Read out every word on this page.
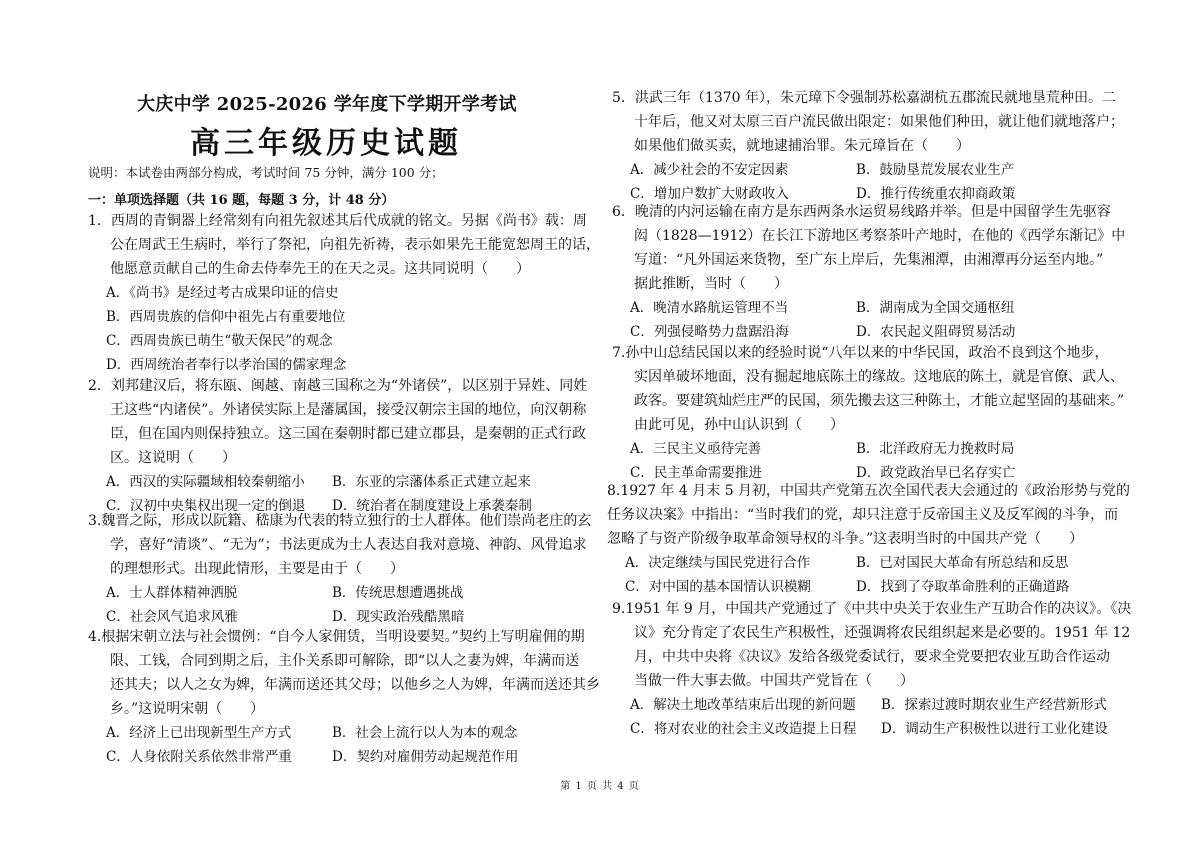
大庆中学 2025-2026 学年度下学期开学考试
高三年级历史试题
说明：本试卷由两部分构成，考试时间 75 分钟，满分 100 分；
一：单项选择题（共 16 题，每题 3 分，计 48 分）
1．西周的青铜器上经常刻有向祖先叙述其后代成就的铭文。另据《尚书》载：周
公在周武王生病时，举行了祭祀，向祖先祈祷，表示如果先王能宽恕周王的话，
他愿意贡献自己的生命去侍奉先王的在天之灵。这共同说明（　　）
A．《尚书》是经过考古成果印证的信史
B．西周贵族的信仰中祖先占有重要地位
C．西周贵族已萌生“敬天保民”的观念
D．西周统治者奉行以孝治国的儒家理念
2．刘邦建汉后，将东瓯、闽越、南越三国称之为“外诸侯”，以区别于异姓、同姓
王这些“内诸侯”。外诸侯实际上是藩属国，接受汉朝宗主国的地位，向汉朝称
臣，但在国内则保持独立。这三国在秦朝时都已建立郡县，是秦朝的正式行政
区。这说明（　　）
A．西汉的实际疆域相较秦朝缩小	B．东亚的宗藩体系正式建立起来
C．汉初中央集权出现一定的倒退	D．统治者在制度建设上承袭秦制
3.魏晋之际，形成以阮籍、嵇康为代表的特立独行的士人群体。他们崇尚老庄的玄
学，喜好“清谈”、“无为”；书法更成为士人表达自我对意境、神韵、风骨追求
的理想形式。出现此情形，主要是由于（　　）
A．士人群体精神洒脱	B．传统思想遭遇挑战
C．社会风气追求风雅	D．现实政治残酷黑暗
4.根据宋朝立法与社会惯例：“自今人家佣赁，当明设要契。”契约上写明雇佣的期
限、工钱，合同到期之后，主仆关系即可解除，即“以人之妻为婢，年满而送
还其夫；以人之女为婢，年满而送还其父母；以他乡之人为婢，年满而送还其乡
乡。”这说明宋朝（　　）
A．经济上已出现新型生产方式	B．社会上流行以人为本的观念
C．人身依附关系依然非常严重	D．契约对雇佣劳动起规范作用
5．洪武三年（1370 年），朱元璋下令强制苏松嘉湖杭五郡流民就地垦荒种田。二
十年后，他又对太原三百户流民做出限定：如果他们种田，就让他们就地落户；
如果他们做买卖，就地逮捕治罪。朱元璋旨在（　　）
A．减少社会的不安定因素	B．鼓励垦荒发展农业生产
C．增加户数扩大财政收入	D．推行传统重农抑商政策
6．晚清的内河运输在南方是东西两条水运贸易线路并举。但是中国留学生先驱容
闳（1828—1912）在长江下游地区考察茶叶产地时，在他的《西学东渐记》中
写道：“凡外国运来货物，至广东上岸后，先集湘潭，由湘潭再分运至内地。”
据此推断，当时（　　）
A．晚清水路航运管理不当	B．湖南成为全国交通枢纽
C．列强侵略势力盘踞沿海	D．农民起义阻碍贸易活动
7.孙中山总结民国以来的经验时说“八年以来的中华民国，政治不良到这个地步，
实因单破坏地面，没有掘起地底陈土的缘故。这地底的陈土，就是官僚、武人、
政客。要建筑灿烂庄严的民国，须先搬去这三种陈土，才能立起坚固的基础来。”
由此可见，孙中山认识到（　　）
A．三民主义亟待完善	B．北洋政府无力挽救时局
C．民主革命需要推进	D．政党政治早已名存实亡
8.1927 年 4 月末 5 月初，中国共产党第五次全国代表大会通过的《政治形势与党的
任务议决案》中指出：“当时我们的党，却只注意于反帝国主义及反军阀的斗争，而
忽略了与资产阶级争取革命领导权的斗争。”这表明当时的中国共产党（　　）
A．决定继续与国民党进行合作	B．已对国民大革命有所总结和反思
C．对中国的基本国情认识模糊	D．找到了夺取革命胜利的正确道路
9.1951 年 9 月，中国共产党通过了《中共中央关于农业生产互助合作的决议》。《决
议》充分肯定了农民生产积极性，还强调将农民组织起来是必要的。1951 年 12
月，中共中央将《决议》发给各级党委试行，要求全党要把农业互助合作运动
当做一件大事去做。中国共产党旨在（　　）
A．解决土地改革结束后出现的新问题	B．探索过渡时期农业生产经营新形式
C．将对农业的社会主义改造提上日程	D．调动生产积极性以进行工业化建设
第 1 页 共 4 页
